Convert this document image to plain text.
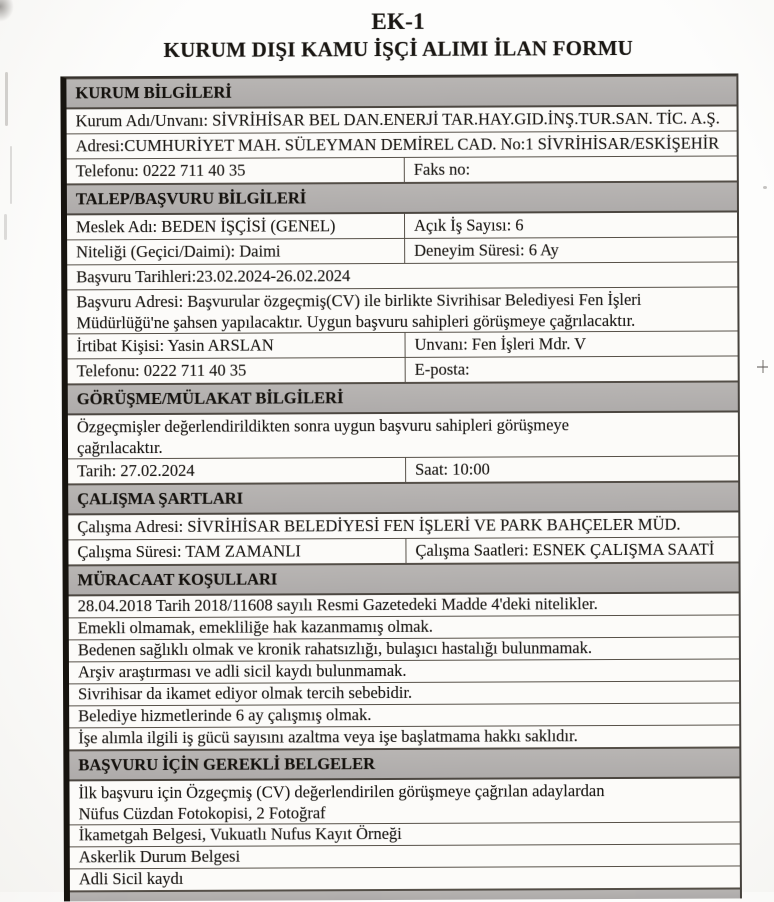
EK-1
KURUM DIŞI KAMU İŞÇİ ALIMI İLAN FORMU
KURUM BİLGİLERİ
Kurum Adı/Unvanı: SİVRİHİSAR BEL DAN.ENERJİ TAR.HAY.GID.İNŞ.TUR.SAN. TİC. A.Ş.
Adresi:CUMHURİYET MAH. SÜLEYMAN DEMİREL CAD. No:1 SİVRİHİSAR/ESKİŞEHİR
Telefonu: 0222 711 40 35	Faks no:
TALEP/BAŞVURU BİLGİLERİ
Meslek Adı: BEDEN İŞÇİSİ (GENEL)	Açık İş Sayısı: 6
Niteliği (Geçici/Daimi): Daimi	Deneyim Süresi: 6 Ay
Başvuru Tarihleri:23.02.2024-26.02.2024
Başvuru Adresi: Başvurular özgeçmiş(CV) ile birlikte Sivrihisar Belediyesi Fen İşleri
Müdürlüğü'ne şahsen yapılacaktır. Uygun başvuru sahipleri görüşmeye çağrılacaktır.
İrtibat Kişisi: Yasin ARSLAN	Unvanı: Fen İşleri Mdr. V
Telefonu: 0222 711 40 35	E-posta:
GÖRÜŞME/MÜLAKAT BİLGİLERİ
Özgeçmişler değerlendirildikten sonra uygun başvuru sahipleri görüşmeye
çağrılacaktır.
Tarih: 27.02.2024	Saat: 10:00
ÇALIŞMA ŞARTLARI
Çalışma Adresi: SİVRİHİSAR BELEDİYESİ FEN İŞLERİ VE PARK BAHÇELER MÜD.
Çalışma Süresi: TAM ZAMANLI	Çalışma Saatleri: ESNEK ÇALIŞMA SAATİ
MÜRACAAT KOŞULLARI
28.04.2018 Tarih 2018/11608 sayılı Resmi Gazetedeki Madde 4'deki nitelikler.
Emekli olmamak, emekliliğe hak kazanmamış olmak.
Bedenen sağlıklı olmak ve kronik rahatsızlığı, bulaşıcı hastalığı bulunmamak.
Arşiv araştırması ve adli sicil kaydı bulunmamak.
Sivrihisar da ikamet ediyor olmak tercih sebebidir.
Belediye hizmetlerinde 6 ay çalışmış olmak.
İşe alımla ilgili iş gücü sayısını azaltma veya işe başlatmama hakkı saklıdır.
BAŞVURU İÇİN GEREKLİ BELGELER
İlk başvuru için Özgeçmiş (CV) değerlendirilen görüşmeye çağrılan adaylardan
Nüfus Cüzdan Fotokopisi, 2 Fotoğraf
İkametgah Belgesi, Vukuatlı Nufus Kayıt Örneği
Askerlik Durum Belgesi
Adli Sicil kaydı
